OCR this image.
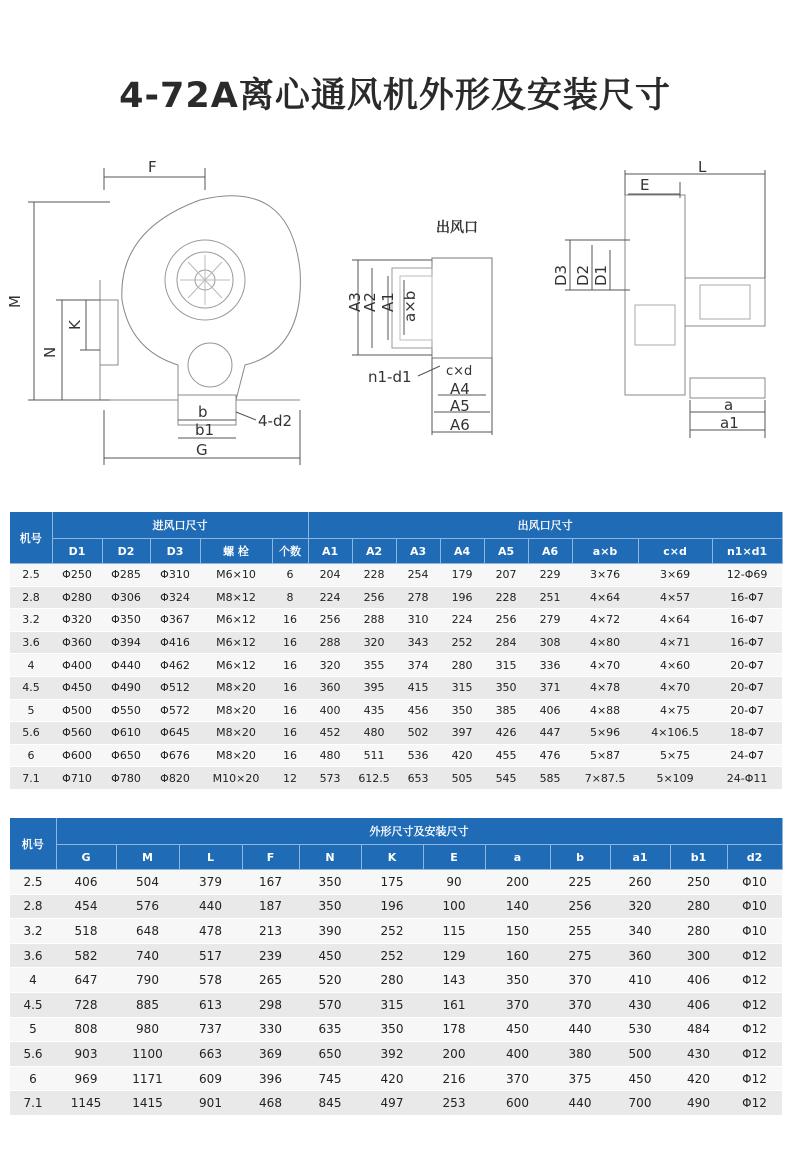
4-72A离心通风机外形及安装尺寸
F
M
N
K
b
b1
G
4-d2
出风口
A3
A2 A1 a×b
n1-d1	c×d
A4
A5
A6
L
E
D3 D2 D1
a
a1
机号	进风口尺寸					出风口尺寸								
	D1	D2	D3	螺 栓	个数	A1	A2	A3	A4	A5	A6	a×b	c×d	n1×d1
2.5	Φ250	Φ285	Φ310	M6×10	6	204	228	254	179	207	229	3×76	3×69	12-Φ69
2.8	Φ280	Φ306	Φ324	M8×12	8	224	256	278	196	228	251	4×64	4×57	16-Φ7
3.2	Φ320	Φ350	Φ367	M6×12	16	256	288	310	224	256	279	4×72	4×64	16-Φ7
3.6	Φ360	Φ394	Φ416	M6×12	16	288	320	343	252	284	308	4×80	4×71	16-Φ7
4	Φ400	Φ440	Φ462	M6×12	16	320	355	374	280	315	336	4×70	4×60	20-Φ7
4.5	Φ450	Φ490	Φ512	M8×20	16	360	395	415	315	350	371	4×78	4×70	20-Φ7
5	Φ500	Φ550	Φ572	M8×20	16	400	435	456	350	385	406	4×88	4×75	20-Φ7
5.6	Φ560	Φ610	Φ645	M8×20	16	452	480	502	397	426	447	5×96	4×106.5	18-Φ7
6	Φ600	Φ650	Φ676	M8×20	16	480	511	536	420	455	476	5×87	5×75	24-Φ7
7.1	Φ710	Φ780	Φ820	M10×20	12	573	612.5	653	505	545	585	7×87.5	5×109	24-Φ11
机号	外形尺寸及安装尺寸											
	G	M	L	F	N	K	E	a	b	a1	b1	d2
2.5	406	504	379	167	350	175	90	200	225	260	250	Φ10
2.8	454	576	440	187	350	196	100	140	256	320	280	Φ10
3.2	518	648	478	213	390	252	115	150	255	340	280	Φ10
3.6	582	740	517	239	450	252	129	160	275	360	300	Φ12
4	647	790	578	265	520	280	143	350	370	410	406	Φ12
4.5	728	885	613	298	570	315	161	370	370	430	406	Φ12
5	808	980	737	330	635	350	178	450	440	530	484	Φ12
5.6	903	1100	663	369	650	392	200	400	380	500	430	Φ12
6	969	1171	609	396	745	420	216	370	375	450	420	Φ12
7.1	1145	1415	901	468	845	497	253	600	440	700	490	Φ12
